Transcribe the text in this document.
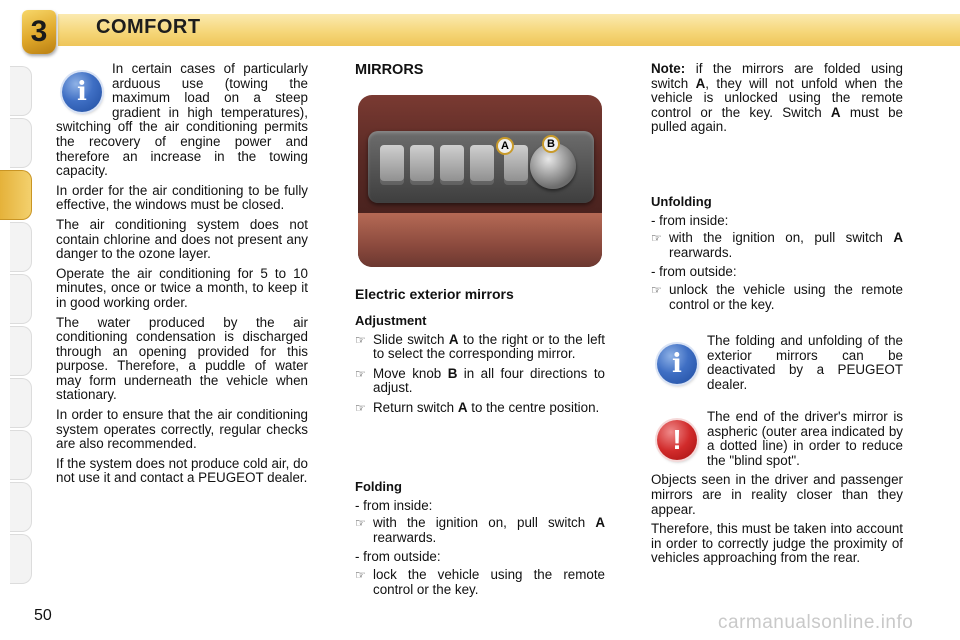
3 COMFORT
i

In certain cases of particularly arduous use (towing the maximum load on a steep gradient in high temperatures), switching off the air conditioning permits the recovery of engine power and therefore an increase in the towing capacity.

In order for the air conditioning to be fully effective, the windows must be closed.

The air conditioning system does not contain chlorine and does not present any danger to the ozone layer.

Operate the air conditioning for 5 to 10 minutes, once or twice a month, to keep it in good working order.

The water produced by the air conditioning condensation is discharged through an opening provided for this purpose. Therefore, a puddle of water may form underneath the vehicle when stationary.

In order to ensure that the air conditioning system operates correctly, regular checks are also recommended.

If the system does not produce cold air, do not use it and contact a PEUGEOT dealer.

MIRRORS
A	B
Electric exterior mirrors
Adjustment
☞ Slide switch A to the right or to the left to select the corresponding mirror.
☞ Move knob B in all four directions to adjust.
☞ Return switch A to the centre position.
Folding
- from inside:
☞ with the ignition on, pull switch A rearwards.
- from outside:
☞ lock the vehicle using the remote control or the key.

Note: if the mirrors are folded using switch A, they will not unfold when the vehicle is unlocked using the remote control or the key. Switch A must be pulled again.

Unfolding
- from inside:
☞ with the ignition on, pull switch A rearwards.
- from outside:
☞ unlock the vehicle using the remote control or the key.
i

The folding and unfolding of the exterior mirrors can be deactivated by a PEUGEOT dealer.

!

The end of the driver's mirror is aspheric (outer area indicated by a dotted line) in order to reduce the "blind spot".

Objects seen in the driver and passenger mirrors are in reality closer than they appear.

Therefore, this must be taken into account in order to correctly judge the proximity of vehicles approaching from the rear.

50	carmanualsonline.info
